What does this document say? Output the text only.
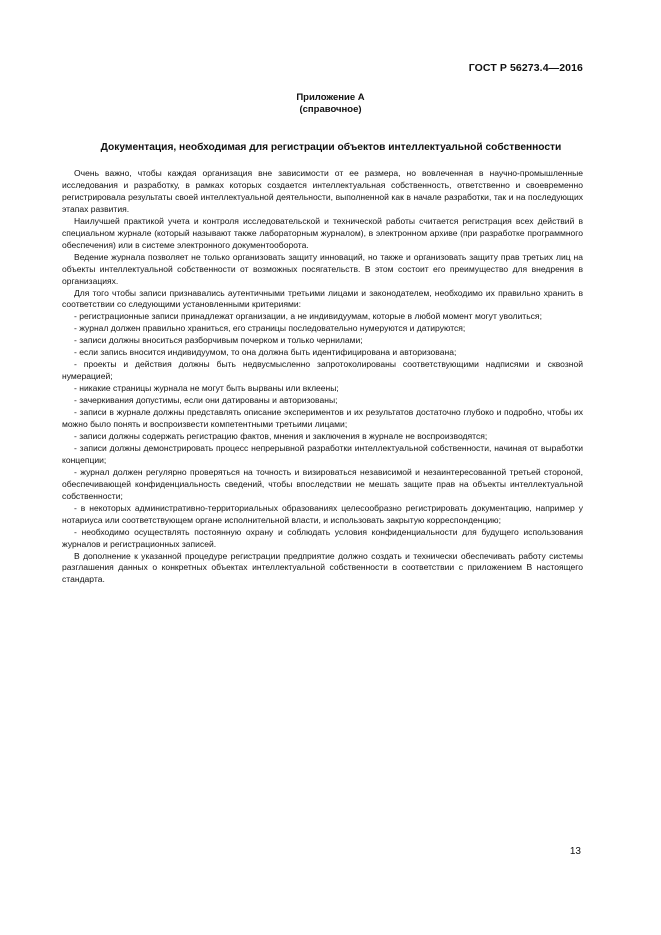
ГОСТ Р 56273.4—2016
Приложение А
(справочное)
Документация, необходимая для регистрации объектов интеллектуальной собственности

Очень важно, чтобы каждая организация вне зависимости от ее размера, но вовлеченная в научно-промышленные исследования и разработку, в рамках которых создается интеллектуальная собственность, ответственно и своевременно регистрировала результаты своей интеллектуальной деятельности, выполненной как в начале разработки, так и на последующих этапах развития.

Наилучшей практикой учета и контроля исследовательской и технической работы считается регистрация всех действий в специальном журнале (который называют также лабораторным журналом), в электронном архиве (при разработке программного обеспечения) или в системе электронного документооборота.

Ведение журнала позволяет не только организовать защиту инноваций, но также и организовать защиту прав третьих лиц на объекты интеллектуальной собственности от возможных посягательств. В этом состоит его преимущество для внедрения в организациях.

Для того чтобы записи признавались аутентичными третьими лицами и законодателем, необходимо их правильно хранить в соответствии со следующими установленными критериями:

- регистрационные записи принадлежат организации, а не индивидуумам, которые в любой момент могут уволиться;

- журнал должен правильно храниться, его страницы последовательно нумеруются и датируются;

- записи должны вноситься разборчивым почерком и только чернилами;

- если запись вносится индивидуумом, то она должна быть идентифицирована и авторизована;

- проекты и действия должны быть недвусмысленно запротоколированы соответствующими надписями и сквозной нумерацией;

- никакие страницы журнала не могут быть вырваны или вклеены;

- зачеркивания допустимы, если они датированы и авторизованы;

- записи в журнале должны представлять описание экспериментов и их результатов достаточно глубоко и подробно, чтобы их можно было понять и воспроизвести компетентными третьими лицами;

- записи должны содержать регистрацию фактов, мнения и заключения в журнале не воспроизводятся;

- записи должны демонстрировать процесс непрерывной разработки интеллектуальной собственности, начиная от выработки концепции;

- журнал должен регулярно проверяться на точность и визироваться независимой и незаинтересованной третьей стороной, обеспечивающей конфиденциальность сведений, чтобы впоследствии не мешать защите прав на объекты интеллектуальной собственности;

- в некоторых административно-территориальных образованиях целесообразно регистрировать документацию, например у нотариуса или соответствующем органе исполнительной власти, и использовать закрытую корреспонденцию;

- необходимо осуществлять постоянную охрану и соблюдать условия конфиденциальности для будущего использования журналов и регистрационных записей.

В дополнение к указанной процедуре регистрации предприятие должно создать и технически обеспечивать работу системы разглашения данных о конкретных объектах интеллектуальной собственности в соответствии с приложением В настоящего стандарта.

13
